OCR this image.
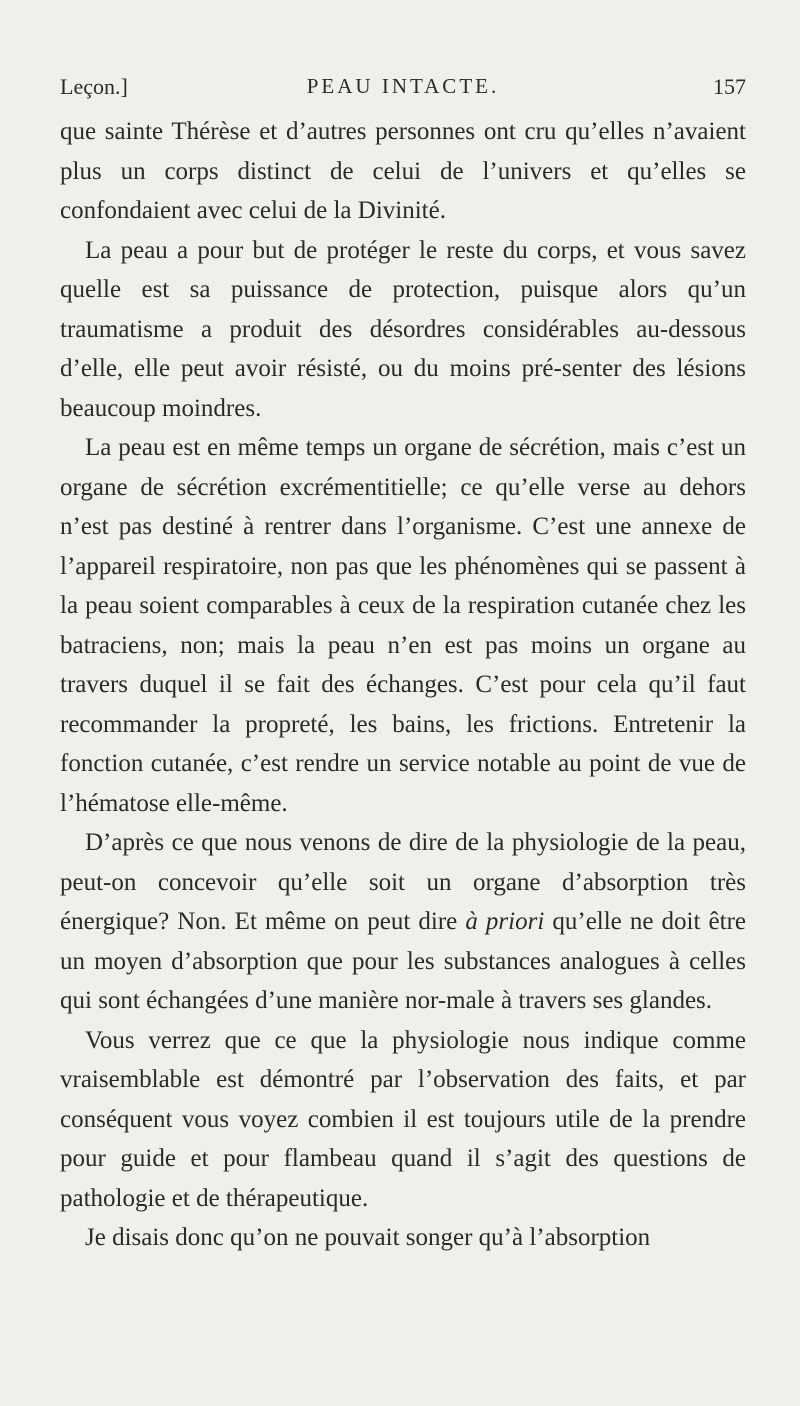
Leçon.]	PEAU INTACTE.	157

que sainte Thérèse et d’autres personnes ont cru qu’elles n’avaient plus un corps distinct de celui de l’univers et qu’elles se confondaient avec celui de la Divinité.

La peau a pour but de protéger le reste du corps, et vous savez quelle est sa puissance de protection, puisque alors qu’un traumatisme a produit des désordres considérables au-dessous d’elle, elle peut avoir résisté, ou du moins pré-senter des lésions beaucoup moindres.

La peau est en même temps un organe de sécrétion, mais c’est un organe de sécrétion excrémentitielle; ce qu’elle verse au dehors n’est pas destiné à rentrer dans l’organisme. C’est une annexe de l’appareil respiratoire, non pas que les phénomènes qui se passent à la peau soient comparables à ceux de la respiration cutanée chez les batraciens, non; mais la peau n’en est pas moins un organe au travers duquel il se fait des échanges. C’est pour cela qu’il faut recommander la propreté, les bains, les frictions. Entretenir la fonction cutanée, c’est rendre un service notable au point de vue de l’hématose elle-même.

D’après ce que nous venons de dire de la physiologie de la peau, peut-on concevoir qu’elle soit un organe d’absorption très énergique? Non. Et même on peut dire à priori qu’elle ne doit être un moyen d’absorption que pour les substances analogues à celles qui sont échangées d’une manière nor-male à travers ses glandes.

Vous verrez que ce que la physiologie nous indique comme vraisemblable est démontré par l’observation des faits, et par conséquent vous voyez combien il est toujours utile de la prendre pour guide et pour flambeau quand il s’agit des questions de pathologie et de thérapeutique.

Je disais donc qu’on ne pouvait songer qu’à l’absorption
